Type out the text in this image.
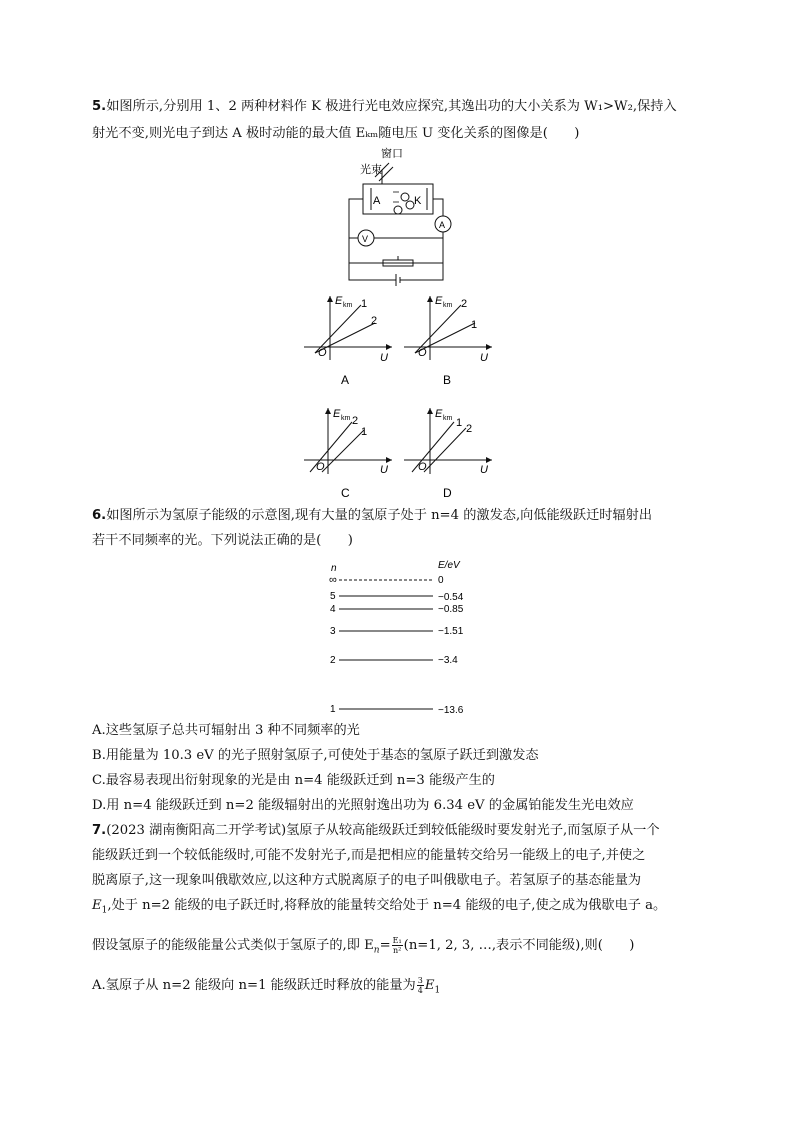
5.如图所示,分别用 1、2 两种材料作 K 极进行光电效应探究,其逸出功的大小关系为 W₁>W₂,保持入
射光不变,则光电子到达 A 极时动能的最大值 Eₖₘ随电压 U 变化关系的图像是(　　)
光束
窗口
A	K
A
V
E km
U
O
1
2
E km
U
O
2
1
E km
U
O
2
1
E km
U
O
1 2
A	B
C	D
n	E/eV
∞	0
5	−0.54
4	−0.85
3	−1.51
2	−3.4
1	−13.6
6.如图所示为氢原子能级的示意图,现有大量的氢原子处于 n=4 的激发态,向低能级跃迁时辐射出
若干不同频率的光。下列说法正确的是(　　)
A.这些氢原子总共可辐射出 3 种不同频率的光
B.用能量为 10.3 eV 的光子照射氢原子,可使处于基态的氢原子跃迁到激发态
C.最容易表现出衍射现象的光是由 n=4 能级跃迁到 n=3 能级产生的
D.用 n=4 能级跃迁到 n=2 能级辐射出的光照射逸出功为 6.34 eV 的金属铂能发生光电效应
7.(2023 湖南衡阳高二开学考试)氢原子从较高能级跃迁到较低能级时要发射光子,而氢原子从一个
能级跃迁到一个较低能级时,可能不发射光子,而是把相应的能量转交给另一能级上的电子,并使之
脱离原子,这一现象叫俄歇效应,以这种方式脱离原子的电子叫俄歇电子。若氢原子的基态能量为
$E_1$,处于 n=2 能级的电子跃迁时,将释放的能量转交给处于 n=4 能级的电子,使之成为俄歇电子 a。
假设氢原子的能级能量公式类似于氢原子的,即 $E_n= \frac{\text{E₁}}{\text{n²}} (n=1$, 2, 3, …,表示不同能级),则(　　)
A.氢原子从 n=2 能级向 n=1 能级跃迁时释放的能量为 $\frac{3}{4} E_1$
